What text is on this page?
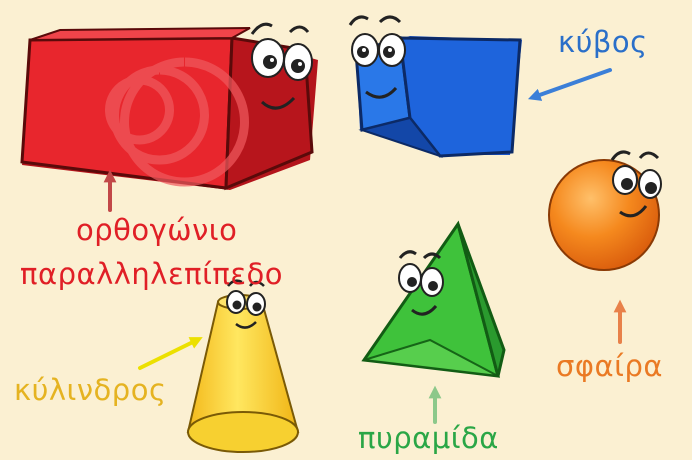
ορθογώνιο
παραλληλεπίπεδο
κύβος
σφαίρα
πυραμίδα
κύλινδρος
